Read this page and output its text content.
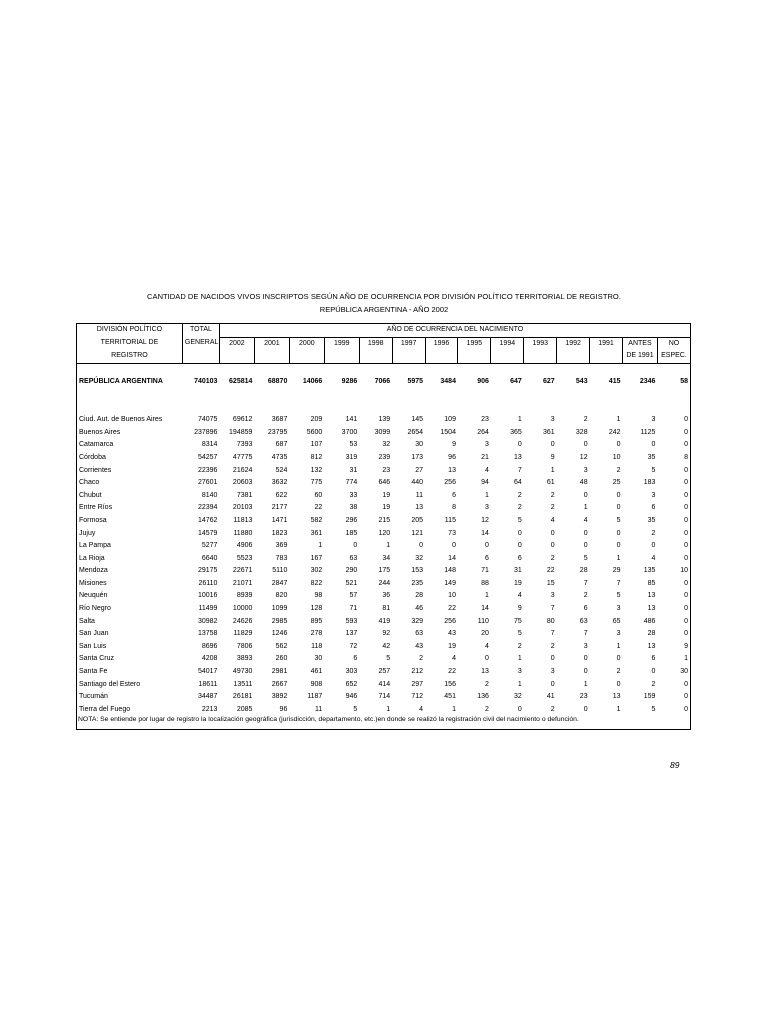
CANTIDAD DE NACIDOS VIVOS INSCRIPTOS SEGÚN AÑO DE OCURRENCIA POR DIVISIÓN POLÍTICO TERRITORIAL DE REGISTRO.
REPÚBLICA ARGENTINA - AÑO 2002
DIVISIÓN POLÍTICO	TOTAL	AÑO DE OCURRENCIA DEL NACIMIENTO													
TERRITORIAL DE	GENERAL	2002	2001	2000	1999	1998	1997	1996	1995	1994	1993	1992	1991	ANTES	NO
REGISTRO														DE 1991	ESPEC.

REPÚBLICA ARGENTINA	740103	625814	68870	14066	9286	7066	5975	3484	906	647	627	543	415	2346	58

Ciud. Aut. de Buenos Aires	74075	69612	3687	209	141	139	145	109	23	1	3	2	1	3	0
Buenos Aires	237896	194859	23795	5600	3700	3099	2654	1504	264	365	361	328	242	1125	0
Catamarca	8314	7393	687	107	53	32	30	9	3	0	0	0	0	0	0
Córdoba	54257	47775	4735	812	319	239	173	96	21	13	9	12	10	35	8
Corrientes	22396	21624	524	132	31	23	27	13	4	7	1	3	2	5	0
Chaco	27601	20603	3632	775	774	646	440	256	94	64	61	48	25	183	0
Chubut	8140	7381	622	60	33	19	11	6	1	2	2	0	0	3	0
Entre Ríos	22394	20103	2177	22	38	19	13	8	3	2	2	1	0	6	0
Formosa	14762	11813	1471	582	296	215	205	115	12	5	4	4	5	35	0
Jujuy	14579	11880	1823	361	185	120	121	73	14	0	0	0	0	2	0
La Pampa	5277	4906	369	1	0	1	0	0	0	0	0	0	0	0	0
La Rioja	6640	5523	783	167	63	34	32	14	6	6	2	5	1	4	0
Mendoza	29175	22671	5110	302	290	175	153	148	71	31	22	28	29	135	10
Misiones	26110	21071	2847	822	521	244	235	149	88	19	15	7	7	85	0
Neuquén	10016	8939	820	98	57	36	28	10	1	4	3	2	5	13	0
Río Negro	11499	10000	1099	128	71	81	46	22	14	9	7	6	3	13	0
Salta	30982	24626	2985	895	593	419	329	256	110	75	80	63	65	486	0
San Juan	13758	11829	1246	278	137	92	63	43	20	5	7	7	3	28	0
San Luis	8696	7806	562	118	72	42	43	19	4	2	2	3	1	13	9
Santa Cruz	4208	3893	260	30	6	5	2	4	0	1	0	0	0	6	1
Santa Fe	54017	49730	2981	461	303	257	212	22	13	3	3	0	2	0	30
Santiago del Estero	18611	13511	2667	908	652	414	297	156	2	1	0	1	0	2	0
Tucumán	34487	26181	3892	1187	946	714	712	451	136	32	41	23	13	159	0
Tierra del Fuego	2213	2085	96	11	5	1	4	1	2	0	2	0	1	5	0

NOTA: Se entiende por lugar de registro la localización geográfica (jurisdicción, departamento, etc.)en donde se realizó la registración civil del nacimiento o defunción.
89
